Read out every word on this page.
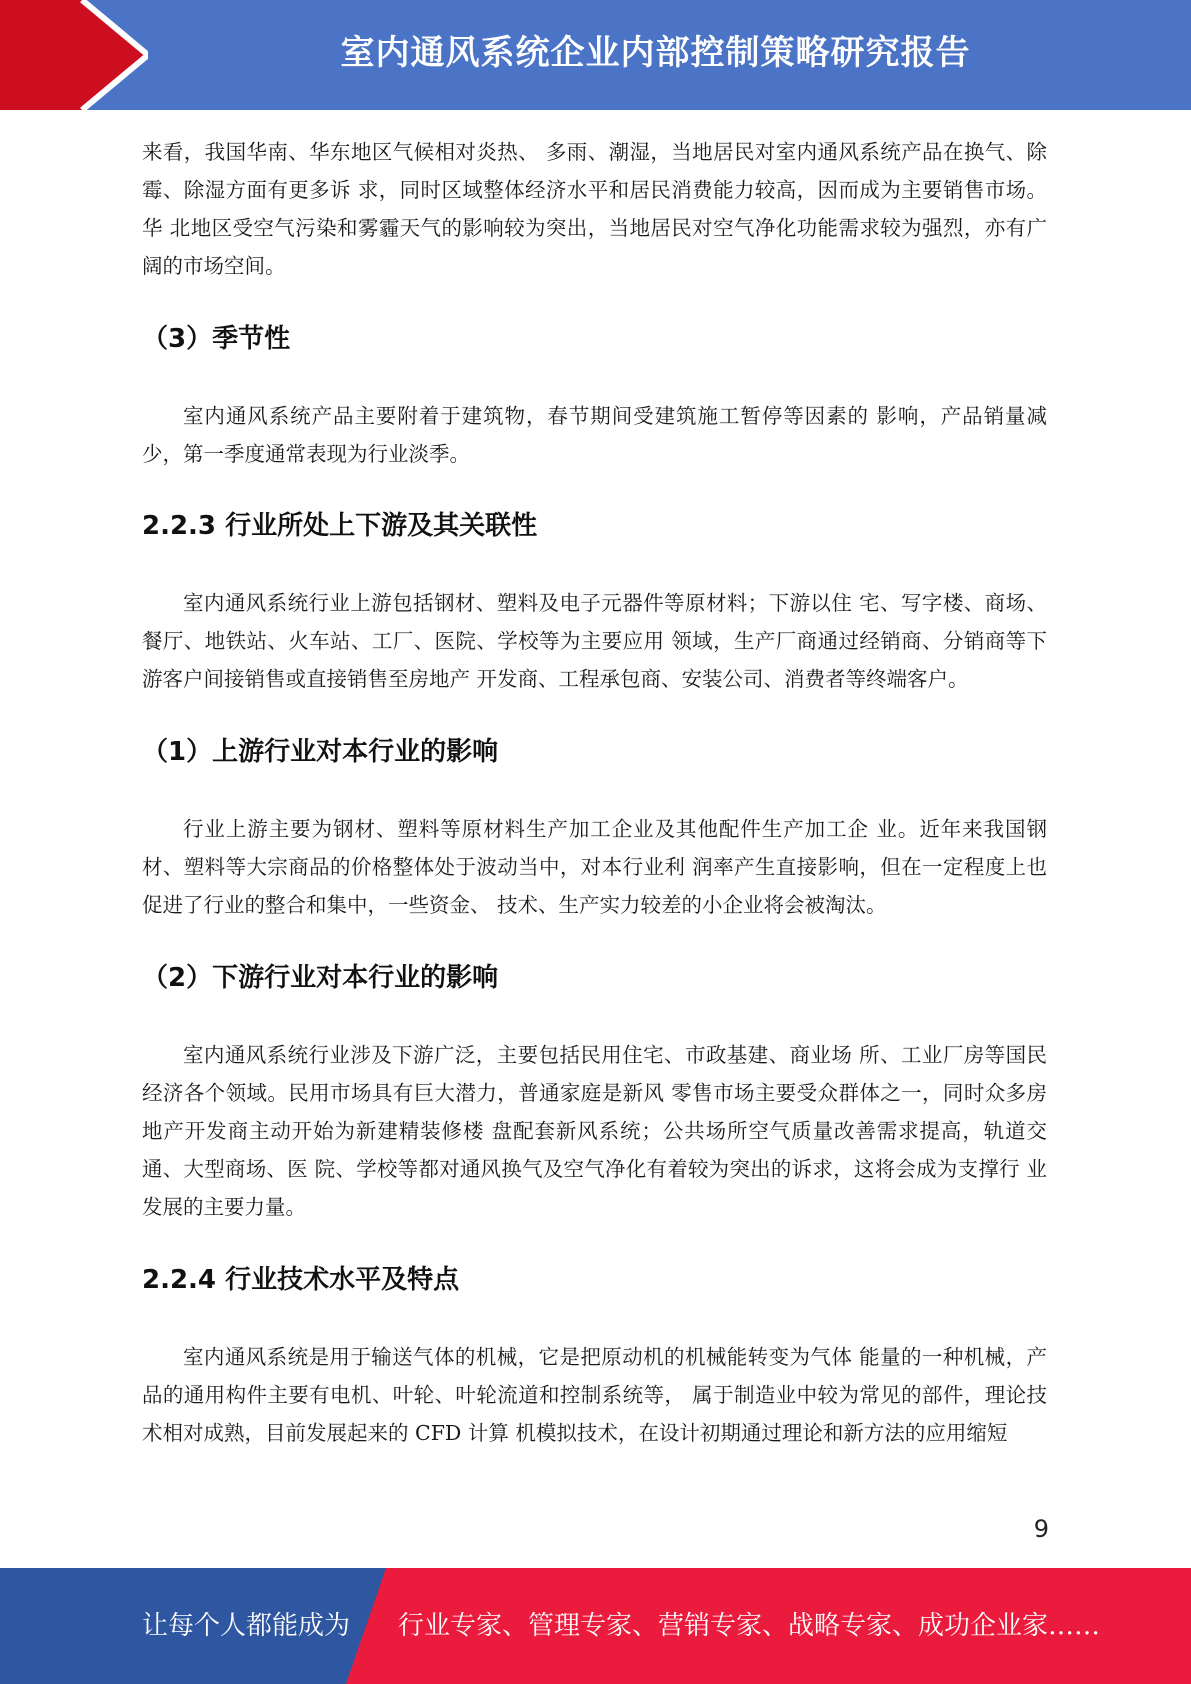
室内通风系统企业内部控制策略研究报告

来看，我国华南、华东地区气候相对炎热、 多雨、潮湿，当地居民对室内通风系统产品在换气、除霉、除湿方面有更多诉 求，同时区域整体经济水平和居民消费能力较高，因而成为主要销售市场。华 北地区受空气污染和雾霾天气的影响较为突出，当地居民对空气净化功能需求较为强烈，亦有广阔的市场空间。

（3）季节性

室内通风系统产品主要附着于建筑物，春节期间受建筑施工暂停等因素的 影响，产品销量减少，第一季度通常表现为行业淡季。

2.2.3 行业所处上下游及其关联性

室内通风系统行业上游包括钢材、塑料及电子元器件等原材料；下游以住 宅、写字楼、商场、餐厅、地铁站、火车站、工厂、医院、学校等为主要应用 领域，生产厂商通过经销商、分销商等下游客户间接销售或直接销售至房地产 开发商、工程承包商、安装公司、消费者等终端客户。

（1）上游行业对本行业的影响

行业上游主要为钢材、塑料等原材料生产加工企业及其他配件生产加工企 业。近年来我国钢材、塑料等大宗商品的价格整体处于波动当中，对本行业利 润率产生直接影响，但在一定程度上也促进了行业的整合和集中，一些资金、 技术、生产实力较差的小企业将会被淘汰。

（2）下游行业对本行业的影响

室内通风系统行业涉及下游广泛，主要包括民用住宅、市政基建、商业场 所、工业厂房等国民经济各个领域。民用市场具有巨大潜力，普通家庭是新风 零售市场主要受众群体之一，同时众多房地产开发商主动开始为新建精装修楼 盘配套新风系统；公共场所空气质量改善需求提高，轨道交通、大型商场、医 院、学校等都对通风换气及空气净化有着较为突出的诉求，这将会成为支撑行 业发展的主要力量。

2.2.4 行业技术水平及特点

室内通风系统是用于输送气体的机械，它是把原动机的机械能转变为气体 能量的一种机械，产品的通用构件主要有电机、叶轮、叶轮流道和控制系统等， 属于制造业中较为常见的部件，理论技术相对成熟，目前发展起来的 CFD 计算 机模拟技术，在设计初期通过理论和新方法的应用缩短

9
让每个人都能成为 行业专家、管理专家、营销专家、战略专家、成功企业家……
